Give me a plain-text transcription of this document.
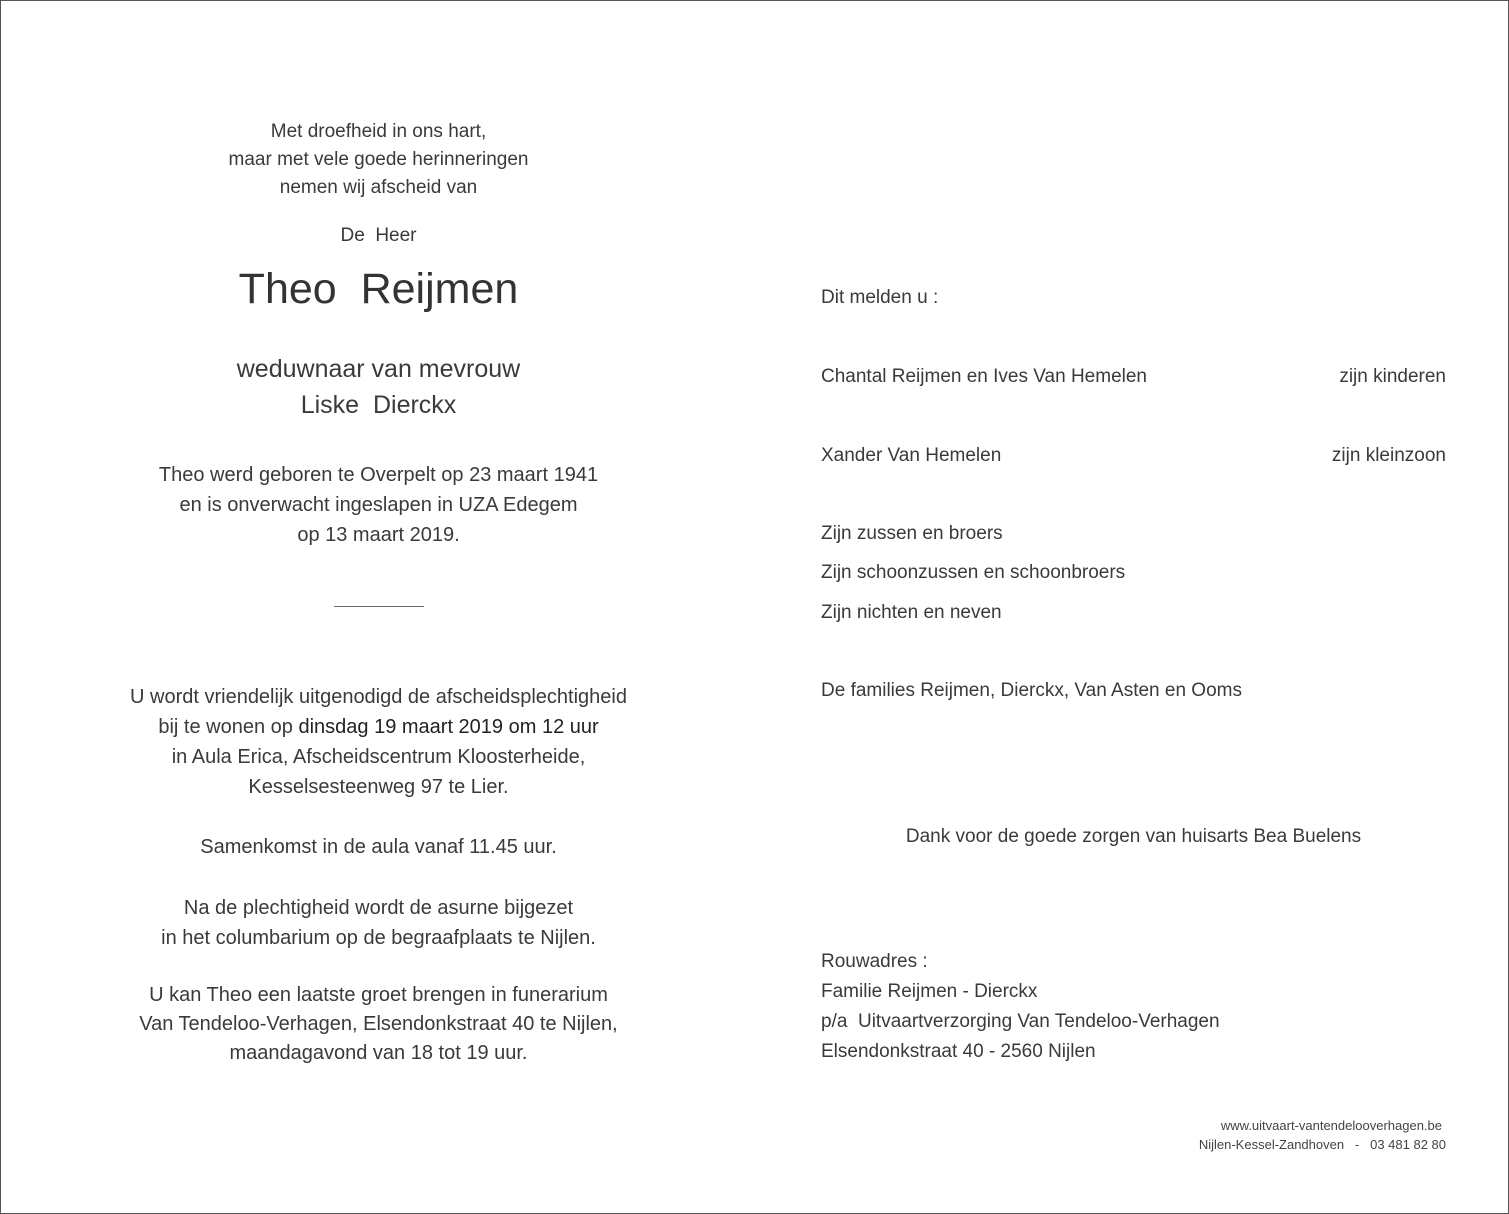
Met droefheid in ons hart,
maar met vele goede herinneringen
nemen wij afscheid van
De  Heer
Theo  Reijmen
weduwnaar van mevrouw
Liske  Dierckx
Theo werd geboren te Overpelt op 23 maart 1941
en is onverwacht ingeslapen in UZA Edegem
op 13 maart 2019.
U wordt vriendelijk uitgenodigd de afscheidsplechtigheid
bij te wonen op dinsdag 19 maart 2019 om 12 uur
in Aula Erica, Afscheidscentrum Kloosterheide,
Kesselsesteenweg 97 te Lier.
Samenkomst in de aula vanaf 11.45 uur.
Na de plechtigheid wordt de asurne bijgezet
in het columbarium op de begraafplaats te Nijlen.
U kan Theo een laatste groet brengen in funerarium
Van Tendeloo-Verhagen, Elsendonkstraat 40 te Nijlen,
maandagavond van 18 tot 19 uur.
Dit melden u :
Chantal Reijmen en Ives Van Hemelen	zijn kinderen
Xander Van Hemelen	zijn kleinzoon
Zijn zussen en broers
Zijn schoonzussen en schoonbroers
Zijn nichten en neven
De families Reijmen, Dierckx, Van Asten en Ooms
Dank voor de goede zorgen van huisarts Bea Buelens
Rouwadres :
Familie Reijmen - Dierckx
p/a  Uitvaartverzorging Van Tendeloo-Verhagen
Elsendonkstraat 40 - 2560 Nijlen
www.uitvaart-vantendelooverhagen.be
Nijlen-Kessel-Zandhoven   -   03 481 82 80
